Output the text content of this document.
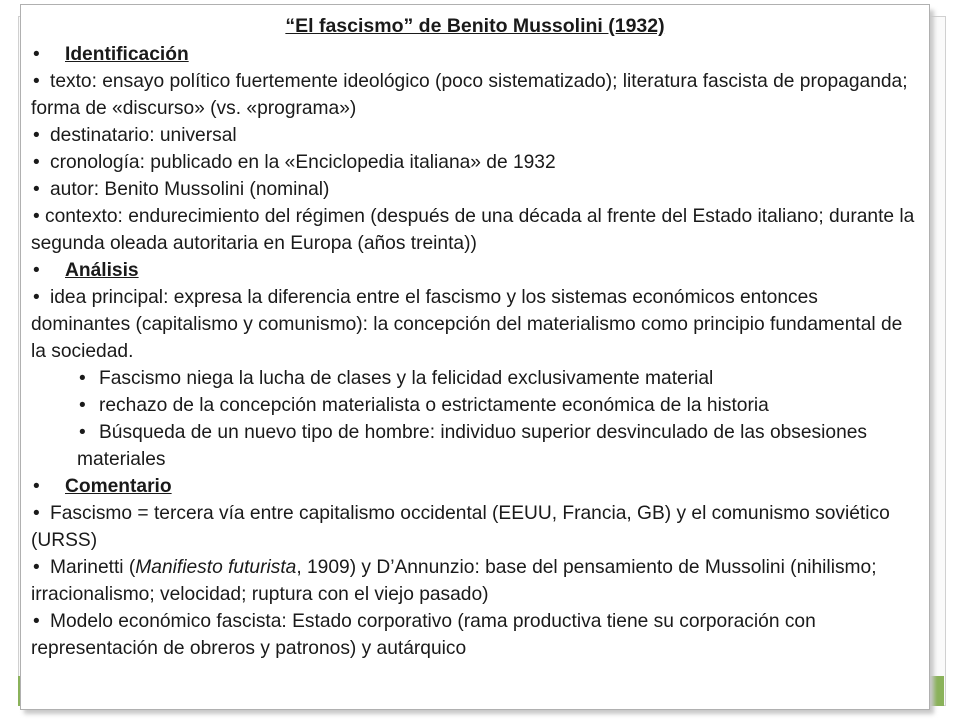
“El fascismo” de Benito Mussolini (1932)

• Identificación

• texto: ensayo político fuertemente ideológico (poco sistematizado); literatura fascista de propaganda; forma de «discurso» (vs. «programa»)

• destinatario: universal

• cronología: publicado en la «Enciclopedia italiana» de 1932

• autor: Benito Mussolini (nominal)

• contexto: endurecimiento del régimen (después de una década al frente del Estado italiano; durante la segunda oleada autoritaria en Europa (años treinta))

• Análisis

• idea principal: expresa la diferencia entre el fascismo y los sistemas económicos entonces dominantes (capitalismo y comunismo): la concepción del materialismo como principio fundamental de la sociedad.

• Fascismo niega la lucha de clases y la felicidad exclusivamente material

• rechazo de la concepción materialista o estrictamente económica de la historia

• Búsqueda de un nuevo tipo de hombre: individuo superior desvinculado de las obsesiones materiales

• Comentario

• Fascismo = tercera vía entre capitalismo occidental (EEUU, Francia, GB) y el comunismo soviético (URSS)

• Marinetti (Manifiesto futurista, 1909) y D’Annunzio: base del pensamiento de Mussolini (nihilismo; irracionalismo; velocidad; ruptura con el viejo pasado)

• Modelo económico fascista: Estado corporativo (rama productiva tiene su corporación con representación de obreros y patronos) y autárquico
